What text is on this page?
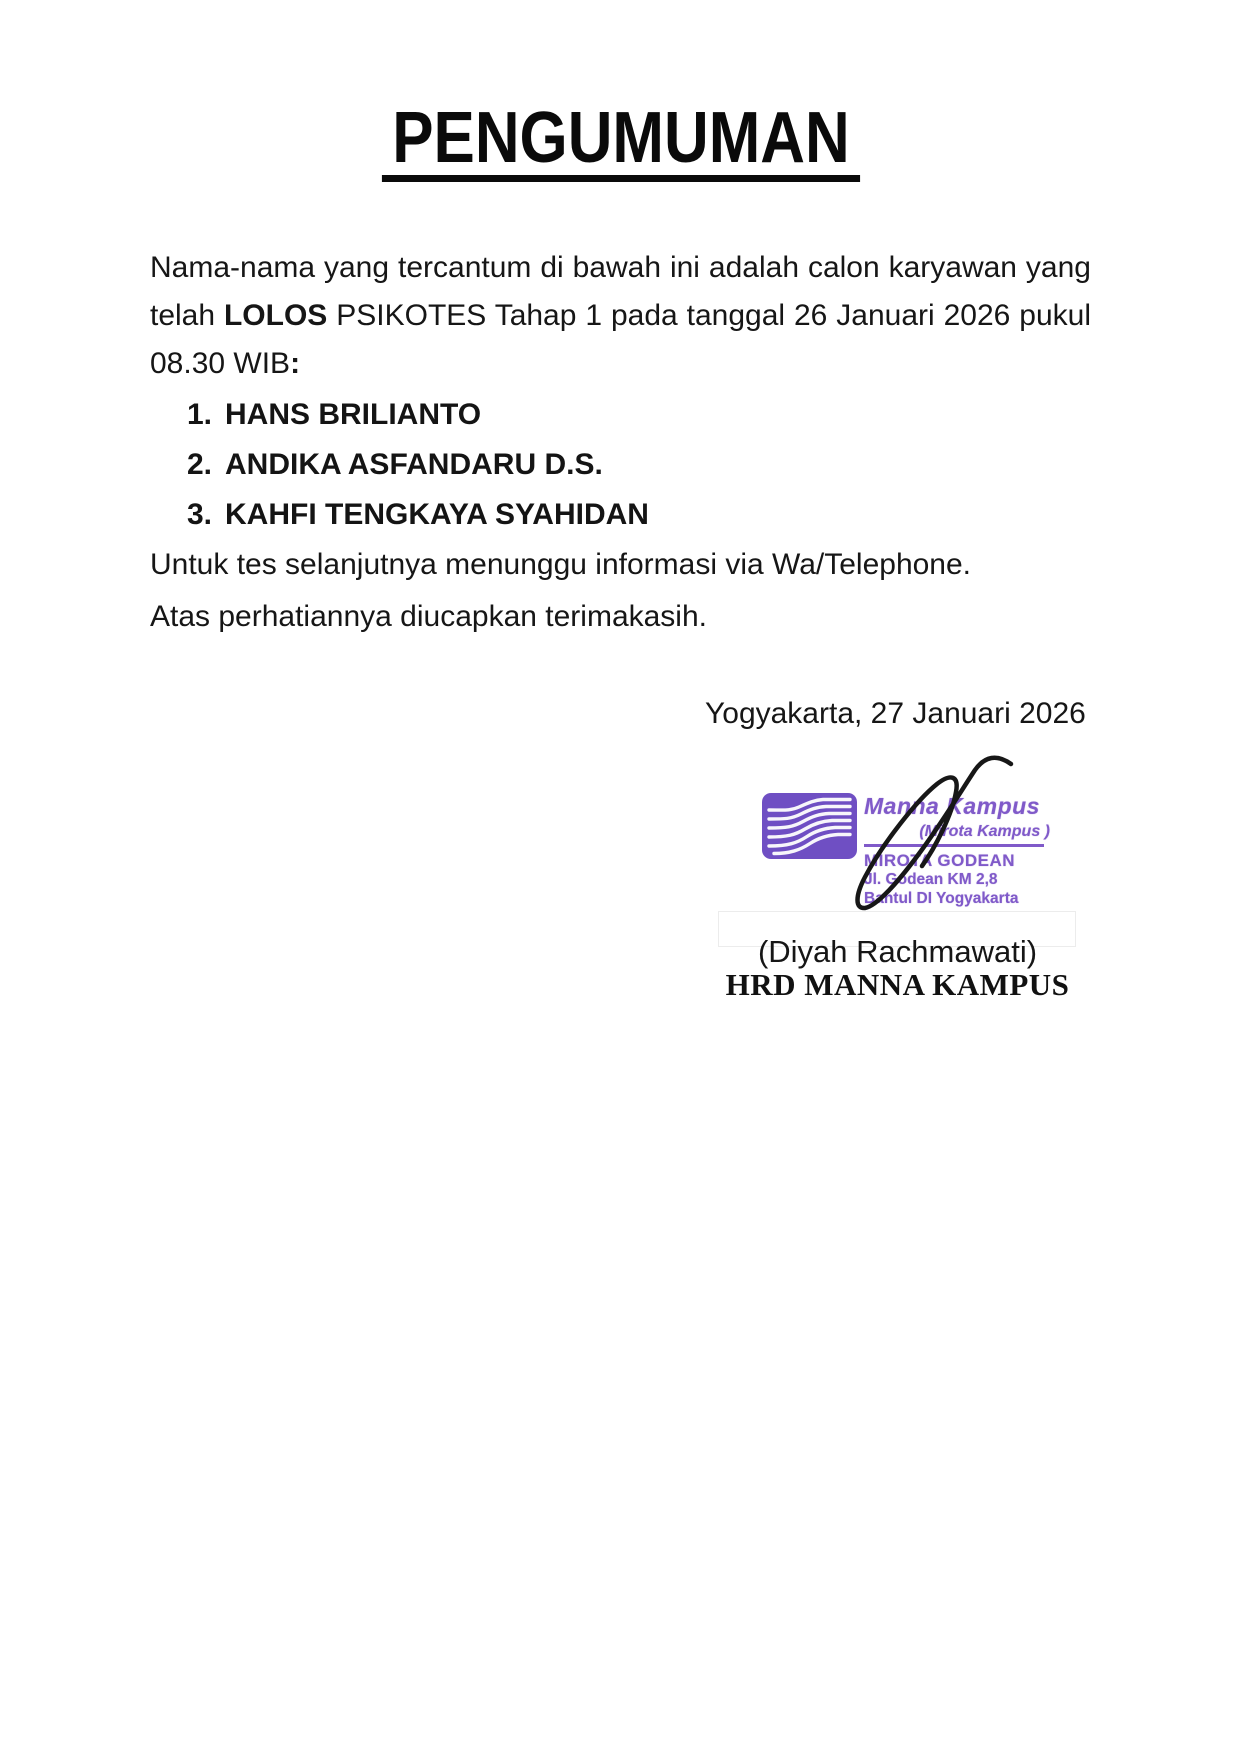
PENGUMUMAN
Nama-nama yang tercantum di bawah ini adalah calon karyawan yang
telah LOLOS PSIKOTES Tahap 1 pada tanggal 26 Januari 2026 pukul
08.30 WIB:
1. HANS BRILIANTO
2. ANDIKA ASFANDARU D.S.
3. KAHFI TENGKAYA SYAHIDAN
Untuk tes selanjutnya menunggu informasi via Wa/Telephone.
Atas perhatiannya diucapkan terimakasih.
Yogyakarta, 27 Januari 2026
Manna Kampus
(Mirota Kampus )
MIROTA GODEAN
Jl. Godean KM 2,8
Bantul DI Yogyakarta
(Diyah Rachmawati)
HRD MANNA KAMPUS
